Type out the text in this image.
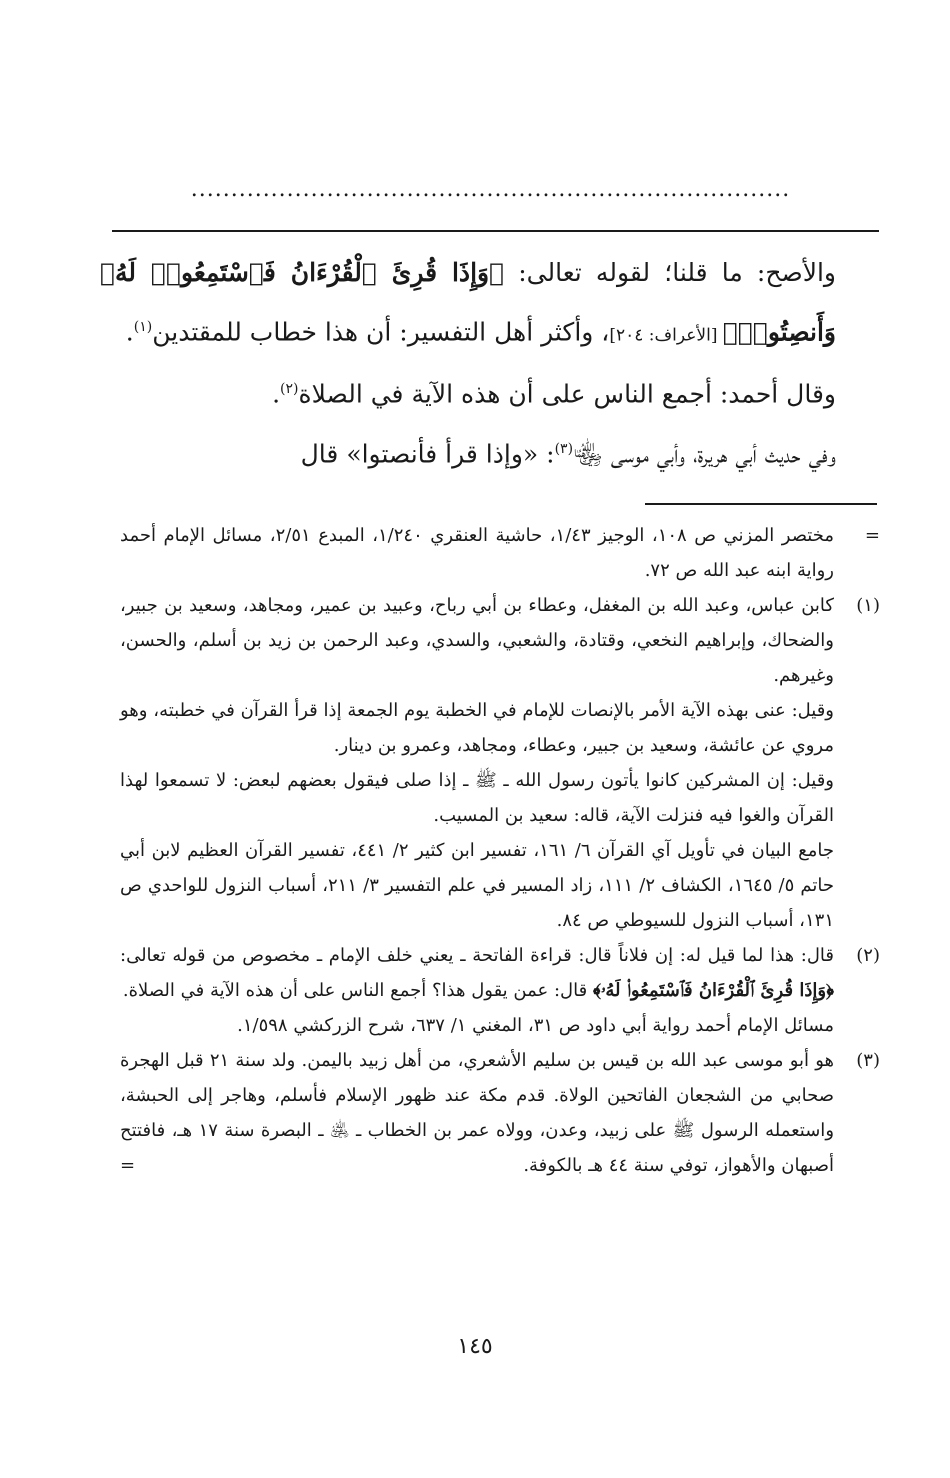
...........................................................................

والأصح: ما قلنا؛ لقوله تعالى: ﴿وَإِذَا قُرِئَ ٱلْقُرْءَانُ فَٱسْتَمِعُوا۟ لَهُۥ وَأَنصِتُوا۟﴾ [الأعراف: ٢٠٤]، وأكثر أهل التفسير: أن هذا خطاب للمقتدين$^{(١)}$.

وقال أحمد: أجمع الناس على أن هذه الآية في الصلاة$^{(٢)}$.

وفي حديث أبي هريرة، وأبي موسى ﵄$^{(٣)}$: «وإذا قرأ فأنصتوا» قال

=

مختصر المزني ص ١٠٨، الوجيز ١/٤٣، حاشية العنقري ١/٢٤٠، المبدع ٢/٥١، مسائل الإمام أحمد رواية ابنه عبد الله ص ٧٢.

(١)

كابن عباس، وعبد الله بن المغفل، وعطاء بن أبي رباح، وعبيد بن عمير، ومجاهد، وسعيد بن جبير، والضحاك، وإبراهيم النخعي، وقتادة، والشعبي، والسدي، وعبد الرحمن بن زيد بن أسلم، والحسن، وغيرهم.

وقيل: عنى بهذه الآية الأمر بالإنصات للإمام في الخطبة يوم الجمعة إذا قرأ القرآن في خطبته، وهو مروي عن عائشة، وسعيد بن جبير، وعطاء، ومجاهد، وعمرو بن دينار.

وقيل: إن المشركين كانوا يأتون رسول الله ـ ﷺ ـ إذا صلى فيقول بعضهم لبعض: لا تسمعوا لهذا القرآن والغوا فيه فنزلت الآية، قاله: سعيد بن المسيب.

جامع البيان في تأويل آي القرآن ٦/ ١٦١، تفسير ابن كثير ٢/ ٤٤١، تفسير القرآن العظيم لابن أبي حاتم ٥/ ١٦٤٥، الكشاف ٢/ ١١١، زاد المسير في علم التفسير ٣/ ٢١١، أسباب النزول للواحدي ص ١٣١، أسباب النزول للسيوطي ص ٨٤.

(٢)

قال: هذا لما قيل له: إن فلاناً قال: قراءة الفاتحة ـ يعني خلف الإمام ـ مخصوص من قوله تعالى: ﴿وَإِذَا قُرِئَ ٱلْقُرْءَانُ فَٱسْتَمِعُوا۟ لَهُۥ﴾ قال: عمن يقول هذا؟ أجمع الناس على أن هذه الآية في الصلاة.

مسائل الإمام أحمد رواية أبي داود ص ٣١، المغني ١/ ٦٣٧، شرح الزركشي ١/٥٩٨.

(٣)

هو أبو موسى عبد الله بن قيس بن سليم الأشعري، من أهل زبيد باليمن. ولد سنة ٢١ قبل الهجرة صحابي من الشجعان الفاتحين الولاة. قدم مكة عند ظهور الإسلام فأسلم، وهاجر إلى الحبشة، واستعمله الرسول ﷺ على زبيد، وعدن، وولاه عمر بن الخطاب ـ ﵁ ـ البصرة سنة ١٧ هـ، فافتتح أصبهان والأهواز، توفي سنة ٤٤ هـ بالكوفة.

=
١٤٥
